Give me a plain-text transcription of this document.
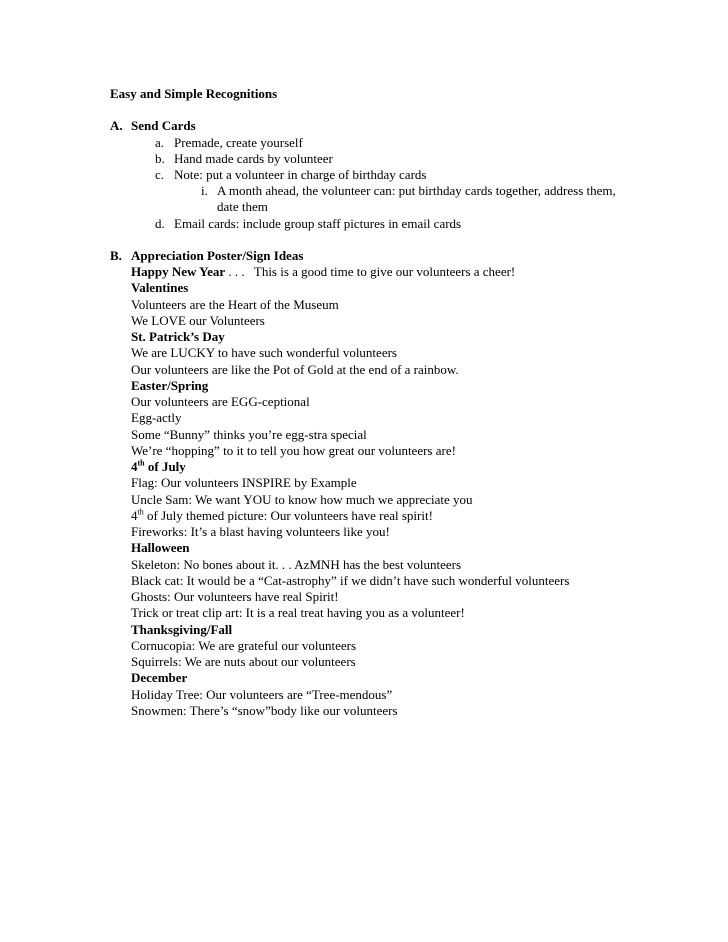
Easy and Simple Recognitions
A. Send Cards
a. Premade, create yourself
b. Hand made cards by volunteer
c. Note: put a volunteer in charge of birthday cards
i. A month ahead, the volunteer can: put birthday cards together, address them,
date them
d. Email cards: include group staff pictures in email cards
B. Appreciation Poster/Sign Ideas
Happy New Year . . . This is a good time to give our volunteers a cheer!
Valentines
Volunteers are the Heart of the Museum
We LOVE our Volunteers
St. Patrick’s Day
We are LUCKY to have such wonderful volunteers
Our volunteers are like the Pot of Gold at the end of a rainbow.
Easter/Spring
Our volunteers are EGG-ceptional
Egg-actly
Some “Bunny” thinks you’re egg-stra special
We’re “hopping” to it to tell you how great our volunteers are!
4th of July
Flag: Our volunteers INSPIRE by Example
Uncle Sam: We want YOU to know how much we appreciate you
4th of July themed picture: Our volunteers have real spirit!
Fireworks: It’s a blast having volunteers like you!
Halloween
Skeleton: No bones about it. . . AzMNH has the best volunteers
Black cat: It would be a “Cat-astrophy” if we didn’t have such wonderful volunteers
Ghosts: Our volunteers have real Spirit!
Trick or treat clip art: It is a real treat having you as a volunteer!
Thanksgiving/Fall
Cornucopia: We are grateful our volunteers
Squirrels: We are nuts about our volunteers
December
Holiday Tree: Our volunteers are “Tree-mendous”
Snowmen: There’s “snow”body like our volunteers
